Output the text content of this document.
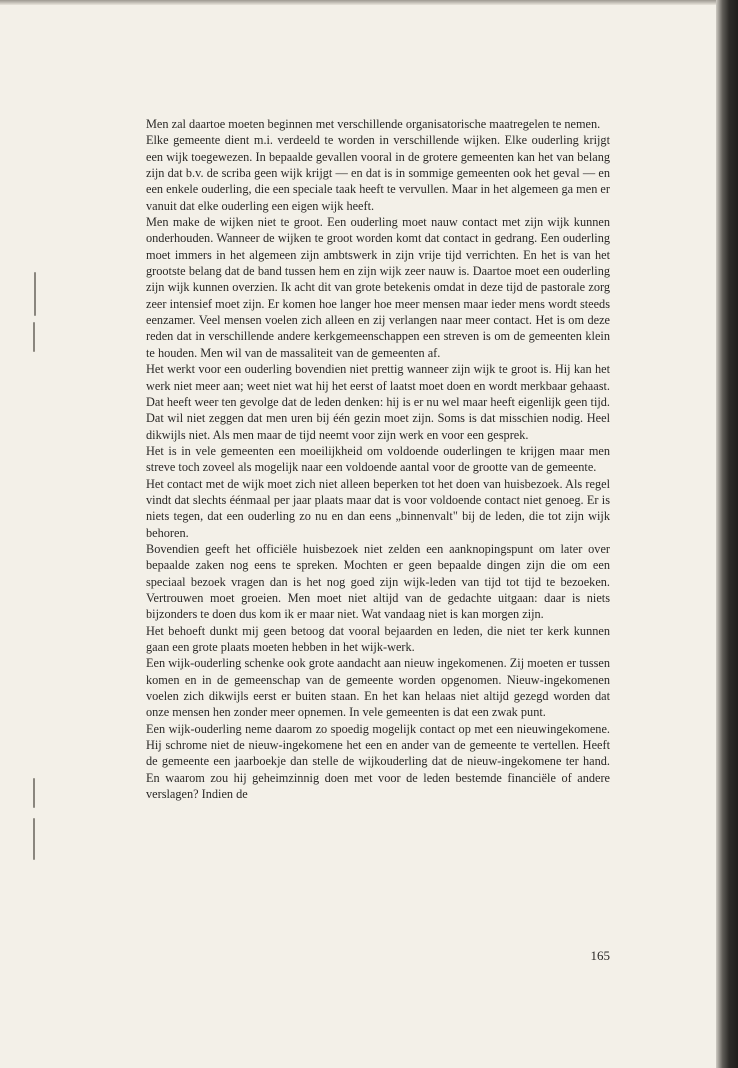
Men zal daartoe moeten beginnen met verschillende organisatorische maatregelen te nemen.

Elke gemeente dient m.i. verdeeld te worden in verschillende wijken. Elke ouderling krijgt een wijk toegewezen. In bepaalde gevallen vooral in de grotere gemeenten kan het van belang zijn dat b.v. de scriba geen wijk krijgt — en dat is in sommige gemeenten ook het geval — en een enkele ouderling, die een speciale taak heeft te vervullen. Maar in het algemeen ga men er vanuit dat elke ouderling een eigen wijk heeft.

Men make de wijken niet te groot. Een ouderling moet nauw contact met zijn wijk kunnen onderhouden. Wanneer de wijken te groot worden komt dat contact in gedrang. Een ouderling moet immers in het algemeen zijn ambtswerk in zijn vrije tijd verrichten. En het is van het grootste belang dat de band tussen hem en zijn wijk zeer nauw is. Daartoe moet een ouderling zijn wijk kunnen overzien. Ik acht dit van grote betekenis omdat in deze tijd de pastorale zorg zeer intensief moet zijn. Er komen hoe langer hoe meer mensen maar ieder mens wordt steeds eenzamer. Veel mensen voelen zich alleen en zij verlangen naar meer contact. Het is om deze reden dat in verschillende andere kerkgemeenschappen een streven is om de gemeenten klein te houden. Men wil van de massaliteit van de gemeenten af.

Het werkt voor een ouderling bovendien niet prettig wanneer zijn wijk te groot is. Hij kan het werk niet meer aan; weet niet wat hij het eerst of laatst moet doen en wordt merkbaar gehaast. Dat heeft weer ten gevolge dat de leden denken: hij is er nu wel maar heeft eigenlijk geen tijd. Dat wil niet zeggen dat men uren bij één gezin moet zijn. Soms is dat misschien nodig. Heel dikwijls niet. Als men maar de tijd neemt voor zijn werk en voor een gesprek.

Het is in vele gemeenten een moeilijkheid om voldoende ouderlingen te krijgen maar men streve toch zoveel als mogelijk naar een voldoende aantal voor de grootte van de gemeente.

Het contact met de wijk moet zich niet alleen beperken tot het doen van huisbezoek. Als regel vindt dat slechts éénmaal per jaar plaats maar dat is voor voldoende contact niet genoeg. Er is niets tegen, dat een ouderling zo nu en dan eens „binnenvalt" bij de leden, die tot zijn wijk behoren.

Bovendien geeft het officiële huisbezoek niet zelden een aanknopingspunt om later over bepaalde zaken nog eens te spreken. Mochten er geen bepaalde dingen zijn die om een speciaal bezoek vragen dan is het nog goed zijn wijk-leden van tijd tot tijd te bezoeken. Vertrouwen moet groeien. Men moet niet altijd van de gedachte uitgaan: daar is niets bijzonders te doen dus kom ik er maar niet. Wat vandaag niet is kan morgen zijn.

Het behoeft dunkt mij geen betoog dat vooral bejaarden en leden, die niet ter kerk kunnen gaan een grote plaats moeten hebben in het wijk-werk.

Een wijk-ouderling schenke ook grote aandacht aan nieuw ingekomenen. Zij moeten er tussen komen en in de gemeenschap van de gemeente worden opgenomen. Nieuw-ingekomenen voelen zich dikwijls eerst er buiten staan. En het kan helaas niet altijd gezegd worden dat onze mensen hen zonder meer opnemen. In vele gemeenten is dat een zwak punt.

Een wijk-ouderling neme daarom zo spoedig mogelijk contact op met een nieuwingekomene. Hij schrome niet de nieuw-ingekomene het een en ander van de gemeente te vertellen. Heeft de gemeente een jaarboekje dan stelle de wijkouderling dat de nieuw-ingekomene ter hand. En waarom zou hij geheimzinnig doen met voor de leden bestemde financiële of andere verslagen? Indien de

165
